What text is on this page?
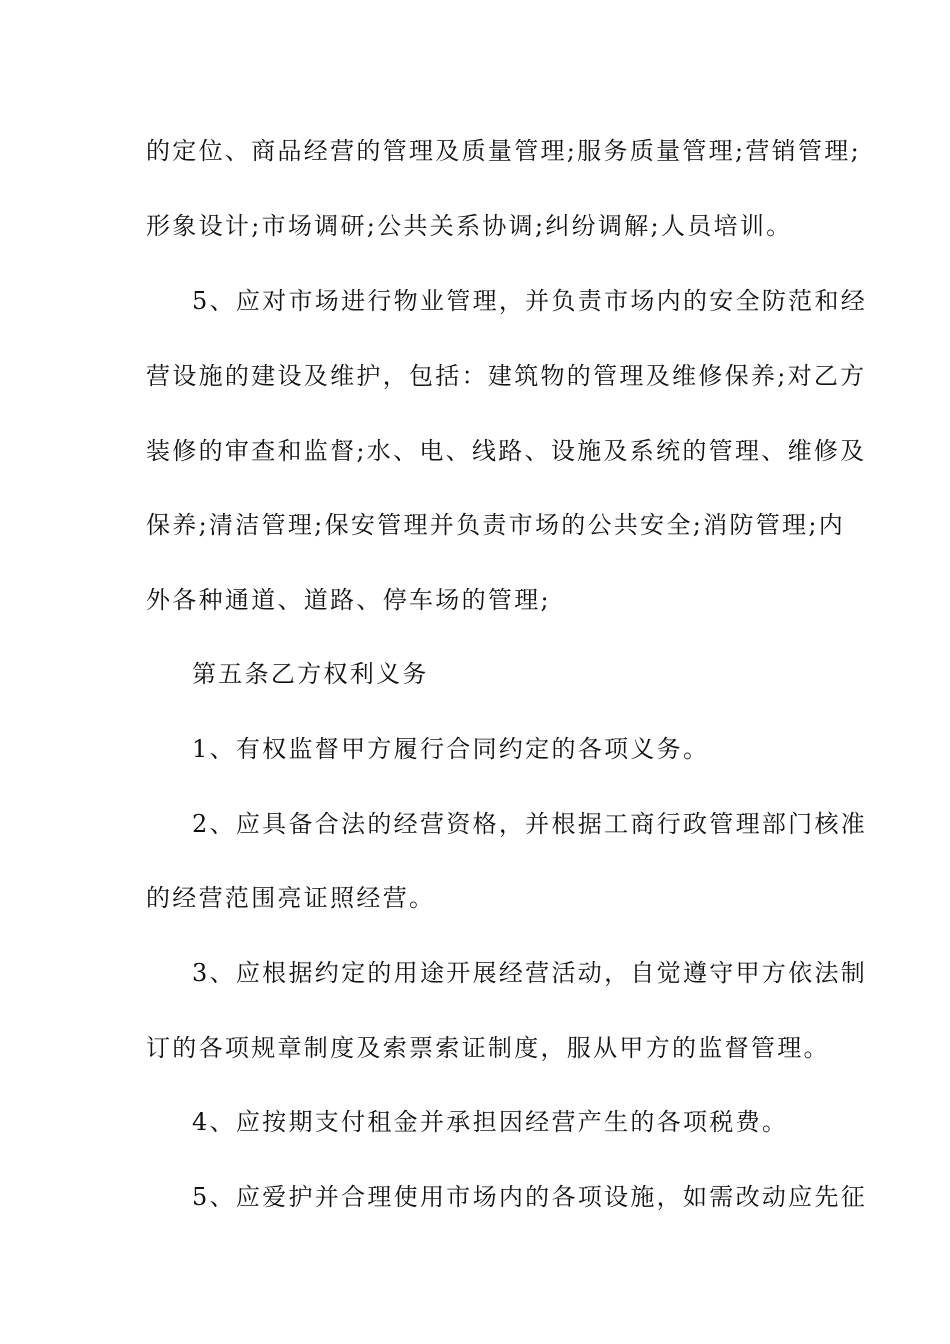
的定位、商品经营的管理及质量管理;服务质量管理;营销管理;
形象设计;市场调研;公共关系协调;纠纷调解;人员培训。
5、应对市场进行物业管理，并负责市场内的安全防范和经
营设施的建设及维护，包括：建筑物的管理及维修保养;对乙方
装修的审查和监督;水、电、线路、设施及系统的管理、维修及
保养;清洁管理;保安管理并负责市场的公共安全;消防管理;内
外各种通道、道路、停车场的管理;
第五条乙方权利义务
1、有权监督甲方履行合同约定的各项义务。
2、应具备合法的经营资格，并根据工商行政管理部门核准
的经营范围亮证照经营。
3、应根据约定的用途开展经营活动，自觉遵守甲方依法制
订的各项规章制度及索票索证制度，服从甲方的监督管理。
4、应按期支付租金并承担因经营产生的各项税费。
5、应爱护并合理使用市场内的各项设施，如需改动应先征
